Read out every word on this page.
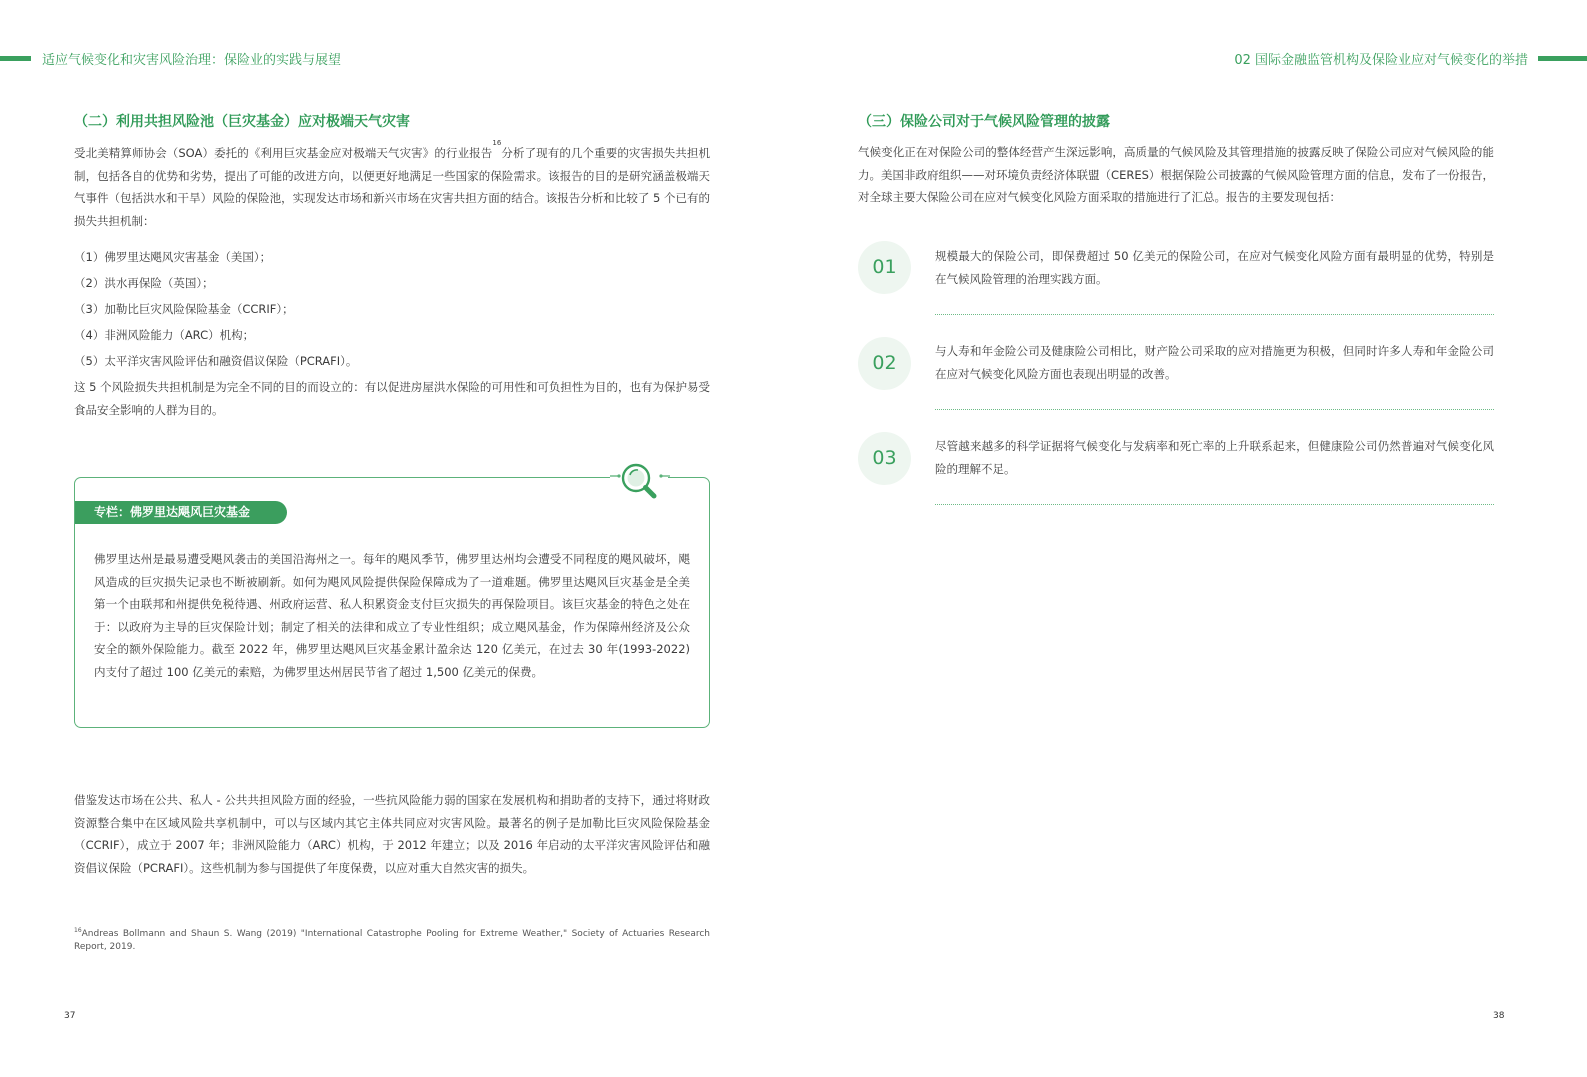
适应气候变化和灾害风险治理：保险业的实践与展望	02 国际金融监管机构及保险业应对气候变化的举措
（二）利用共担风险池（巨灾基金）应对极端天气灾害
受北美精算师协会（SOA）委托的《利用巨灾基金应对极端天气灾害》的行业报告$^{16}$分析了现有的几个重要的灾害损失共担机制，包括各自的优势和劣势，提出了可能的改进方向，以便更好地满足一些国家的保险需求。该报告的目的是研究涵盖极端天气事件（包括洪水和干旱）风险的保险池，实现发达市场和新兴市场在灾害共担方面的结合。该报告分析和比较了 5 个已有的损失共担机制：
（1）佛罗里达飓风灾害基金（美国）；
（2）洪水再保险（英国）；
（3）加勒比巨灾风险保险基金（CCRIF）；
（4）非洲风险能力（ARC）机构；
（5）太平洋灾害风险评估和融资倡议保险（PCRAFI）。
这 5 个风险损失共担机制是为完全不同的目的而设立的：有以促进房屋洪水保险的可用性和可负担性为目的，也有为保护易受食品安全影响的人群为目的。
专栏：佛罗里达飓风巨灾基金
佛罗里达州是最易遭受飓风袭击的美国沿海州之一。每年的飓风季节，佛罗里达州均会遭受不同程度的飓风破坏，飓风造成的巨灾损失记录也不断被刷新。如何为飓风风险提供保险保障成为了一道难题。佛罗里达飓风巨灾基金是全美第一个由联邦和州提供免税待遇、州政府运营、私人积累资金支付巨灾损失的再保险项目。该巨灾基金的特色之处在于：以政府为主导的巨灾保险计划；制定了相关的法律和成立了专业性组织；成立飓风基金，作为保障州经济及公众安全的额外保险能力。截至 2022 年，佛罗里达飓风巨灾基金累计盈余达 120 亿美元，在过去 30 年(1993-2022) 内支付了超过 100 亿美元的索赔，为佛罗里达州居民节省了超过 1,500 亿美元的保费。
借鉴发达市场在公共、私人 - 公共共担风险方面的经验，一些抗风险能力弱的国家在发展机构和捐助者的支持下，通过将财政资源整合集中在区域风险共享机制中，可以与区域内其它主体共同应对灾害风险。最著名的例子是加勒比巨灾风险保险基金（CCRIF），成立于 2007 年；非洲风险能力（ARC）机构，于 2012 年建立；以及 2016 年启动的太平洋灾害风险评估和融资倡议保险（PCRAFI）。这些机制为参与国提供了年度保费，以应对重大自然灾害的损失。
$^{16}$Andreas Bollmann and Shaun S. Wang (2019) "International Catastrophe Pooling for Extreme Weather," Society of Actuaries Research Report, 2019.
37
（三）保险公司对于气候风险管理的披露
气候变化正在对保险公司的整体经营产生深远影响，高质量的气候风险及其管理措施的披露反映了保险公司应对气候风险的能力。美国非政府组织——对环境负责经济体联盟（CERES）根据保险公司披露的气候风险管理方面的信息，发布了一份报告，对全球主要大保险公司在应对气候变化风险方面采取的措施进行了汇总。报告的主要发现包括：
01	规模最大的保险公司，即保费超过 50 亿美元的保险公司，在应对气候变化风险方面有最明显的优势，特别是在气候风险管理的治理实践方面。
02
与人寿和年金险公司及健康险公司相比，财产险公司采取的应对措施更为积极，但同时许多人寿和年金险公司在应对气候变化风险方面也表现出明显的改善。
03
尽管越来越多的科学证据将气候变化与发病率和死亡率的上升联系起来，但健康险公司仍然普遍对气候变化风险的理解不足。
38
